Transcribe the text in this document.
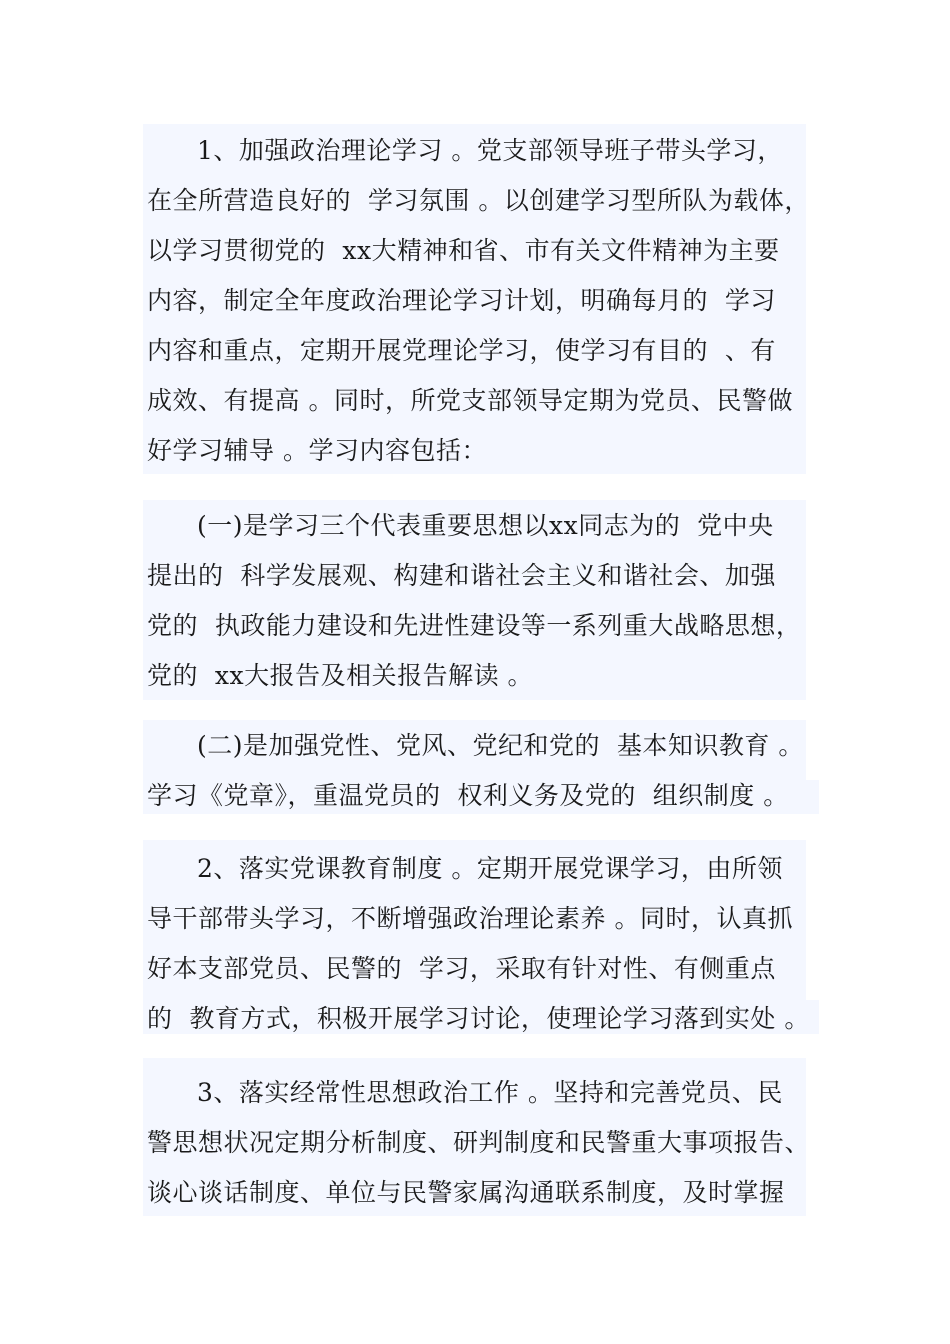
1、加强政治理论学习 。党支部领导班子带头学习，
在全所营造良好的  学习氛围 。以创建学习型所队为载体，
以学习贯彻党的  xx大精神和省、市有关文件精神为主要
内容，制定全年度政治理论学习计划，明确每月的  学习
内容和重点，定期开展党理论学习，使学习有目的  、有
成效、有提高 。同时，所党支部领导定期为党员、民警做
好学习辅导 。学习内容包括：
(一)是学习三个代表重要思想以xx同志为的  党中央
提出的  科学发展观、构建和谐社会主义和谐社会、加强
党的  执政能力建设和先进性建设等一系列重大战略思想，
党的  xx大报告及相关报告解读 。
(二)是加强党性、党风、党纪和党的  基本知识教育 。
学习《党章》，重温党员的  权利义务及党的  组织制度 。
2、落实党课教育制度 。定期开展党课学习，由所领
导干部带头学习，不断增强政治理论素养 。同时，认真抓
好本支部党员、民警的  学习，采取有针对性、有侧重点
的  教育方式，积极开展学习讨论，使理论学习落到实处 。
3、落实经常性思想政治工作 。坚持和完善党员、民
警思想状况定期分析制度、研判制度和民警重大事项报告、
谈心谈话制度、单位与民警家属沟通联系制度，及时掌握
